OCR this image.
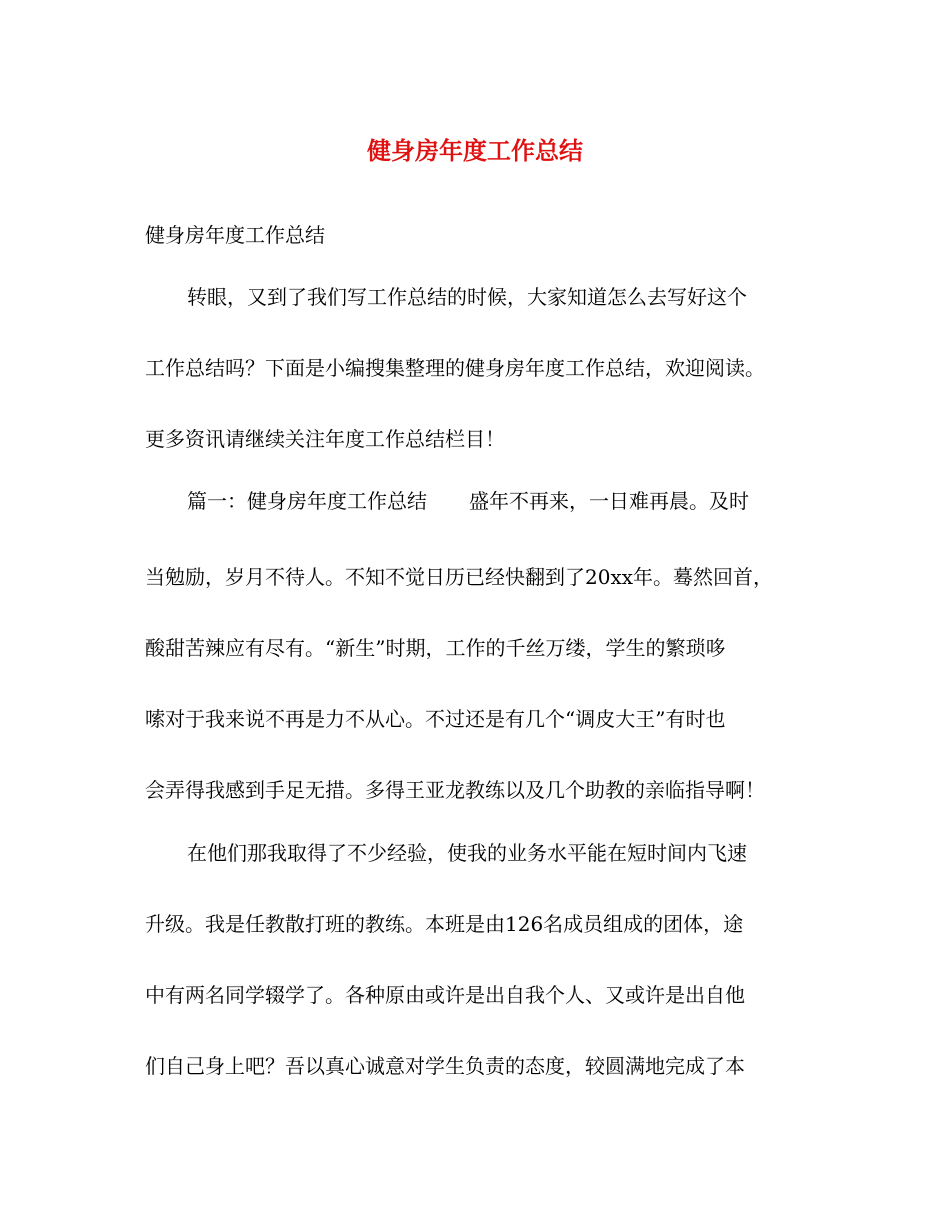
健身房年度工作总结
健身房年度工作总结
转眼，又到了我们写工作总结的时候，大家知道怎么去写好这个
工作总结吗？下面是小编搜集整理的健身房年度工作总结，欢迎阅读。
更多资讯请继续关注年度工作总结栏目！
篇一：健身房年度工作总结 盛年不再来，一日难再晨。及时
当勉励，岁月不待人。不知不觉日历已经快翻到了20xx年。蓦然回首，
酸甜苦辣应有尽有。“新生”时期，工作的千丝万缕，学生的繁琐哆
嗦对于我来说不再是力不从心。不过还是有几个“调皮大王”有时也
会弄得我感到手足无措。多得王亚龙教练以及几个助教的亲临指导啊！
在他们那我取得了不少经验，使我的业务水平能在短时间内飞速
升级。我是任教散打班的教练。本班是由126名成员组成的团体，途
中有两名同学辍学了。各种原由或许是出自我个人、又或许是出自他
们自己身上吧？吾以真心诚意对学生负责的态度，较圆满地完成了本
